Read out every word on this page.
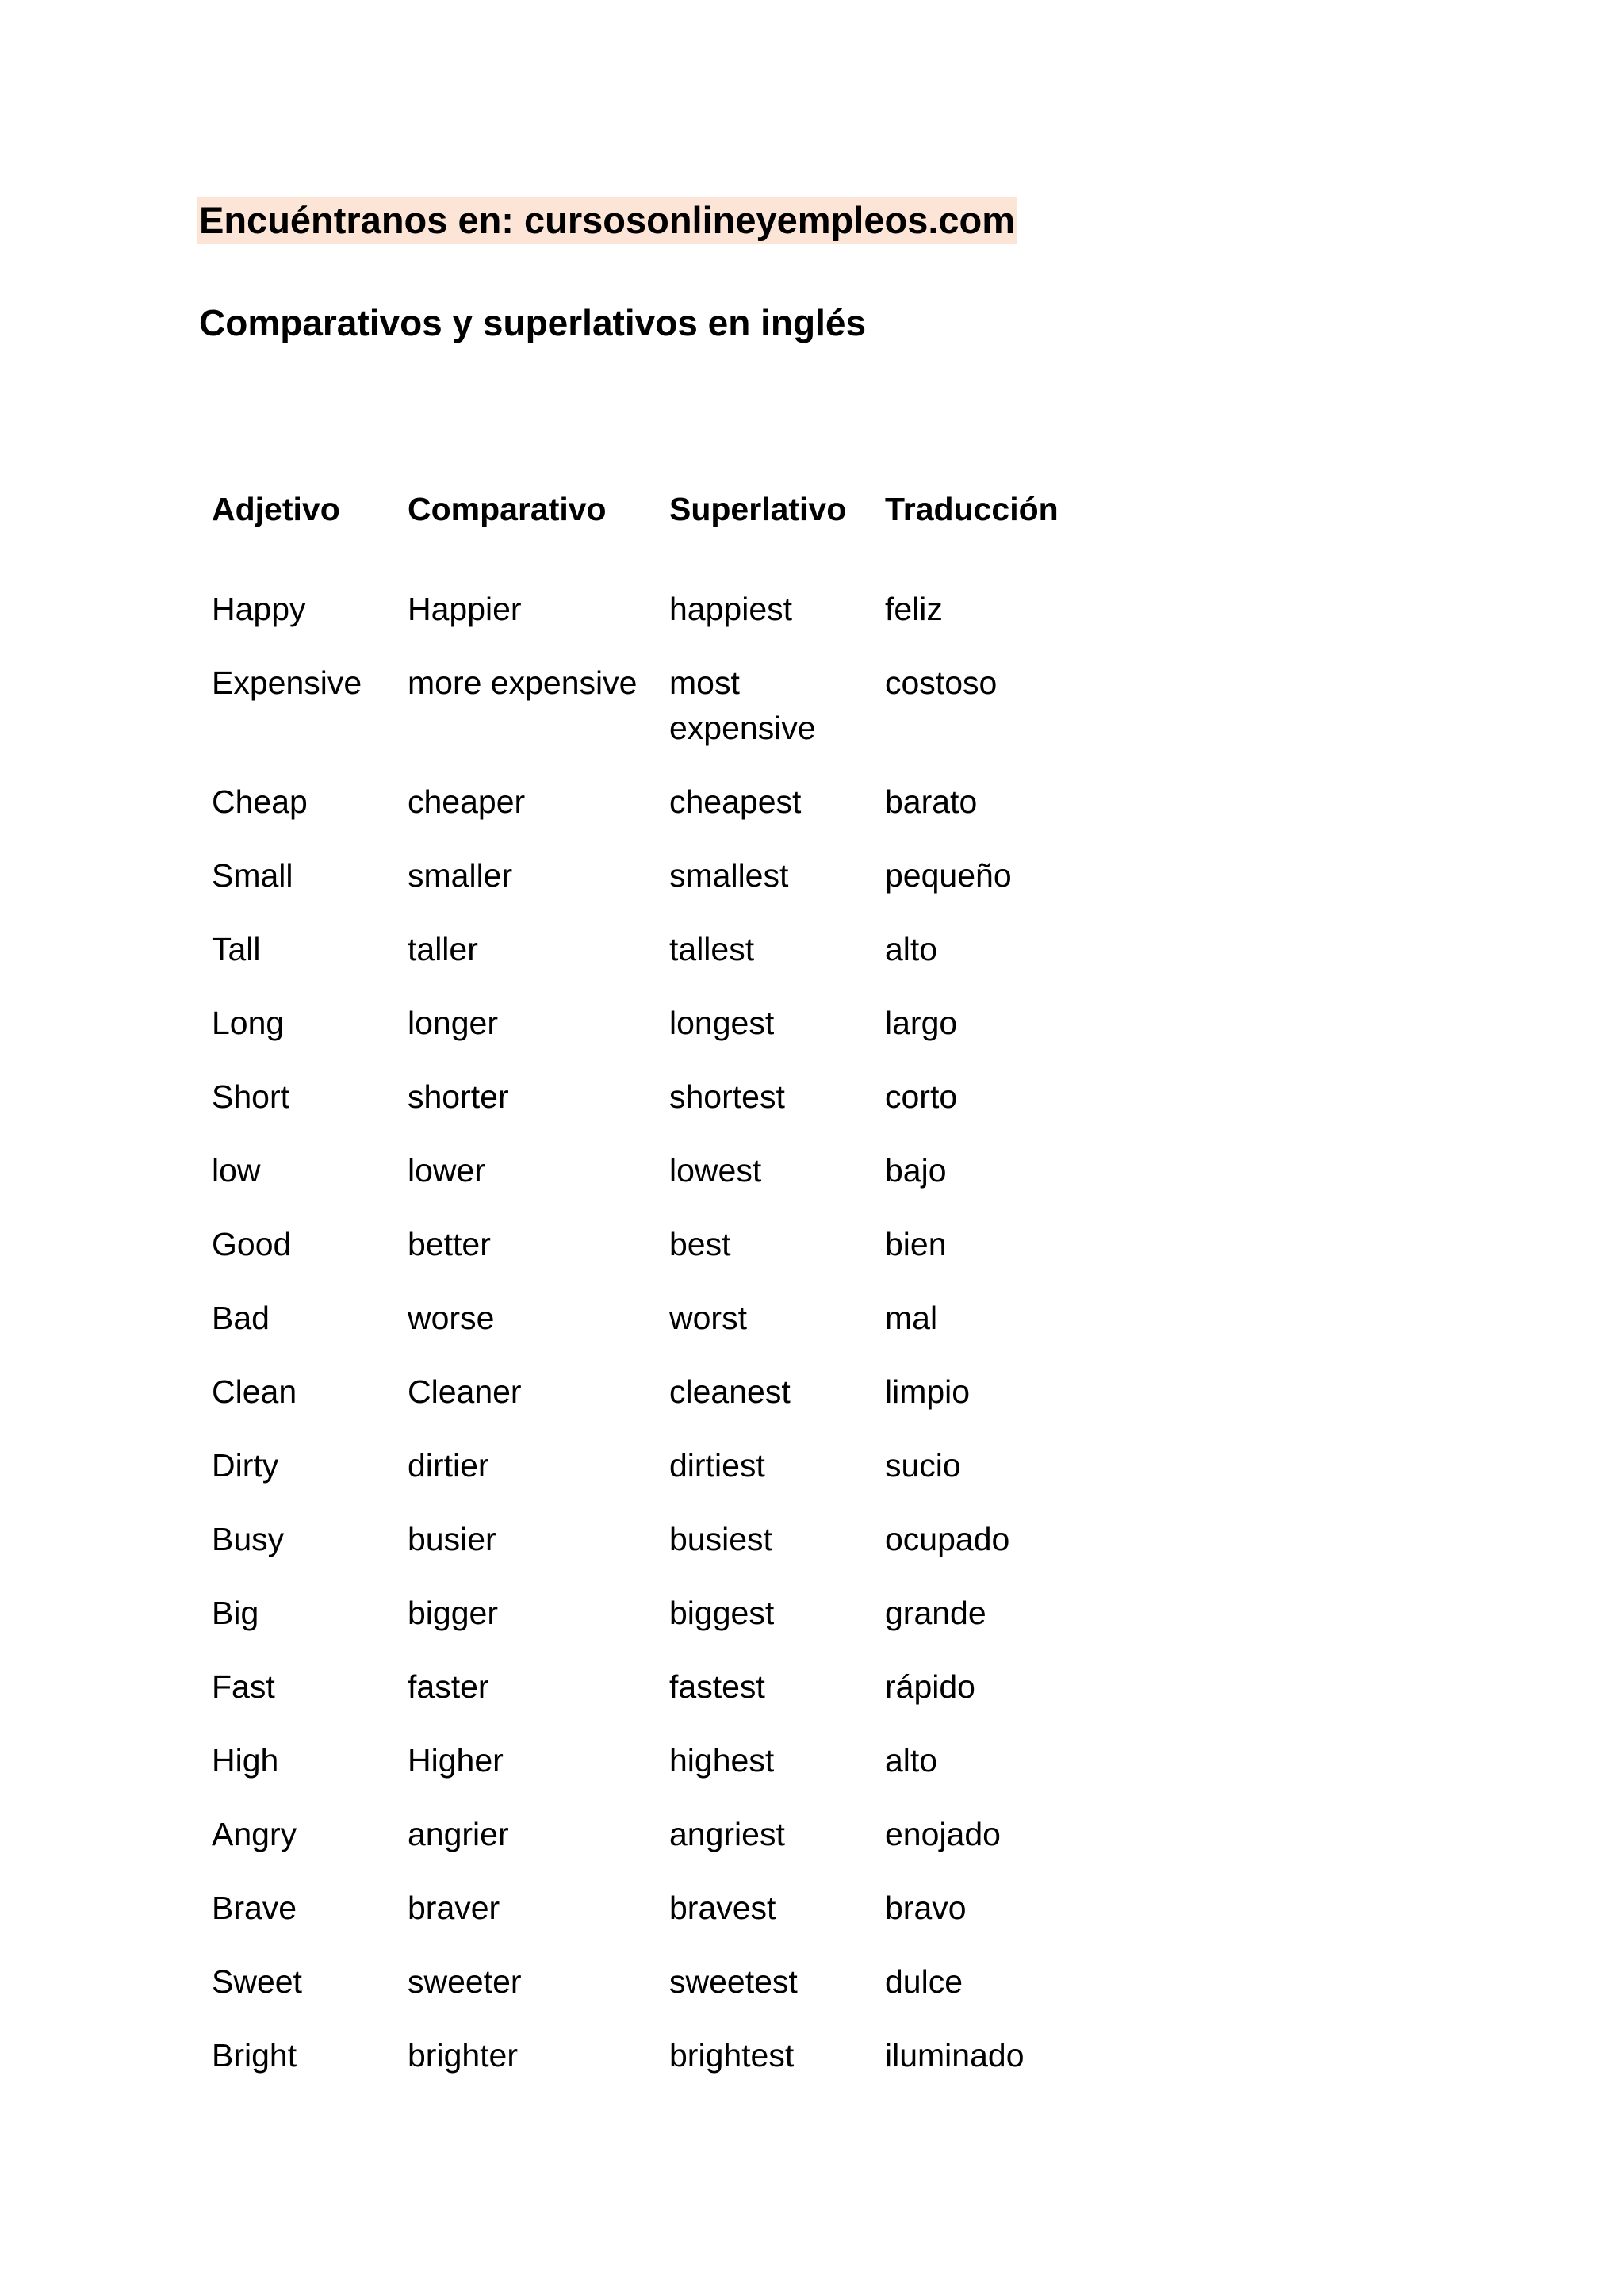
Encuéntranos en: cursosonlineyempleos.com
Comparativos y superlativos en inglés
Adjetivo	Comparativo	Superlativo	Traducción
Happy	Happier	happiest	feliz
Expensive	more expensive	most expensive	costoso
Cheap	cheaper	cheapest	barato
Small	smaller	smallest	pequeño
Tall	taller	tallest	alto
Long	longer	longest	largo
Short	shorter	shortest	corto
low	lower	lowest	bajo
Good	better	best	bien
Bad	worse	worst	mal
Clean	Cleaner	cleanest	limpio
Dirty	dirtier	dirtiest	sucio
Busy	busier	busiest	ocupado
Big	bigger	biggest	grande
Fast	faster	fastest	rápido
High	Higher	highest	alto
Angry	angrier	angriest	enojado
Brave	braver	bravest	bravo
Sweet	sweeter	sweetest	dulce
Bright	brighter	brightest	iluminado
